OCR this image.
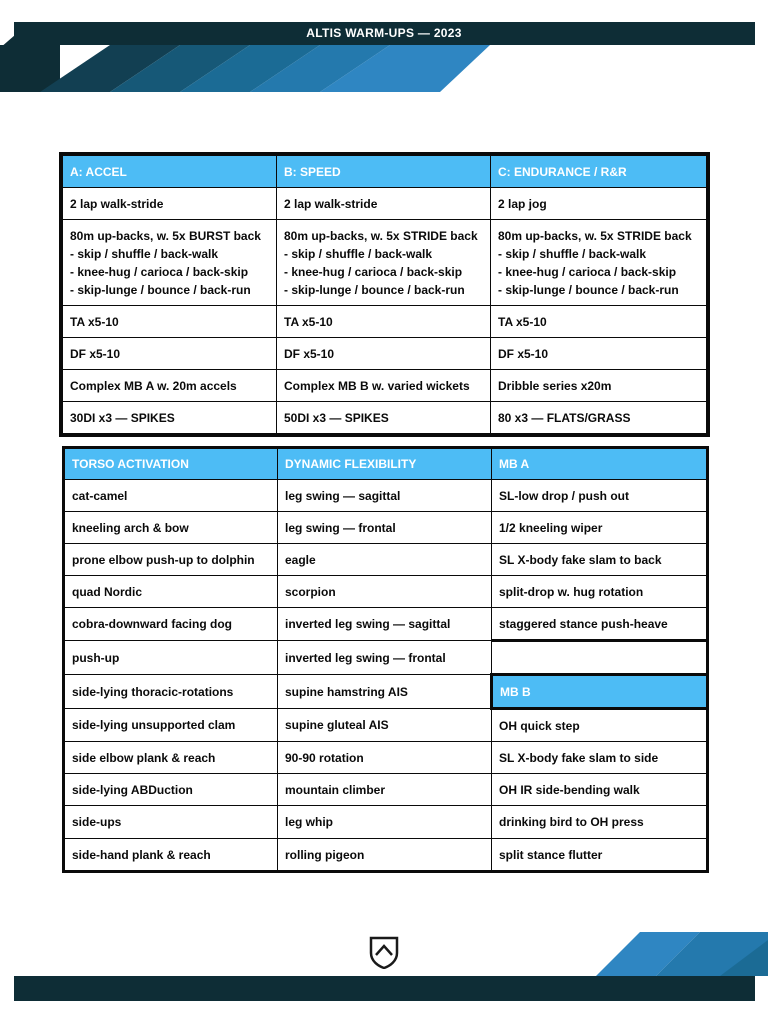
ALTIS WARM-UPS — 2023
A: ACCEL	B: SPEED	C: ENDURANCE / R&R
2 lap walk-stride	2 lap walk-stride	2 lap jog
80m up-backs, w. 5x BURST back
- skip / shuffle / back-walk
- knee-hug / carioca / back-skip
- skip-lunge / bounce / back-run	80m up-backs, w. 5x STRIDE back
- skip / shuffle / back-walk
- knee-hug / carioca / back-skip
- skip-lunge / bounce / back-run	80m up-backs, w. 5x STRIDE back
- skip / shuffle / back-walk
- knee-hug / carioca / back-skip
- skip-lunge / bounce / back-run
TA x5-10	TA x5-10	TA x5-10
DF x5-10	DF x5-10	DF x5-10
Complex MB A w. 20m accels	Complex MB B w. varied wickets	Dribble series x20m
30DI x3 — SPIKES	50DI x3 — SPIKES	80 x3 — FLATS/GRASS
TORSO ACTIVATION	DYNAMIC FLEXIBILITY	MB A
cat-camel	leg swing — sagittal	SL-low drop / push out
kneeling arch & bow	leg swing — frontal	1/2 kneeling wiper
prone elbow push-up to dolphin	eagle	SL X-body fake slam to back
quad Nordic	scorpion	split-drop w. hug rotation
cobra-downward facing dog	inverted leg swing — sagittal	staggered stance push-heave
push-up	inverted leg swing — frontal	
side-lying thoracic-rotations	supine hamstring AIS	MB B
side-lying unsupported clam	supine gluteal AIS	OH quick step
side elbow plank & reach	90-90 rotation	SL X-body fake slam to side
side-lying ABDuction	mountain climber	OH IR side-bending walk
side-ups	leg whip	drinking bird to OH press
side-hand plank & reach	rolling pigeon	split stance flutter
